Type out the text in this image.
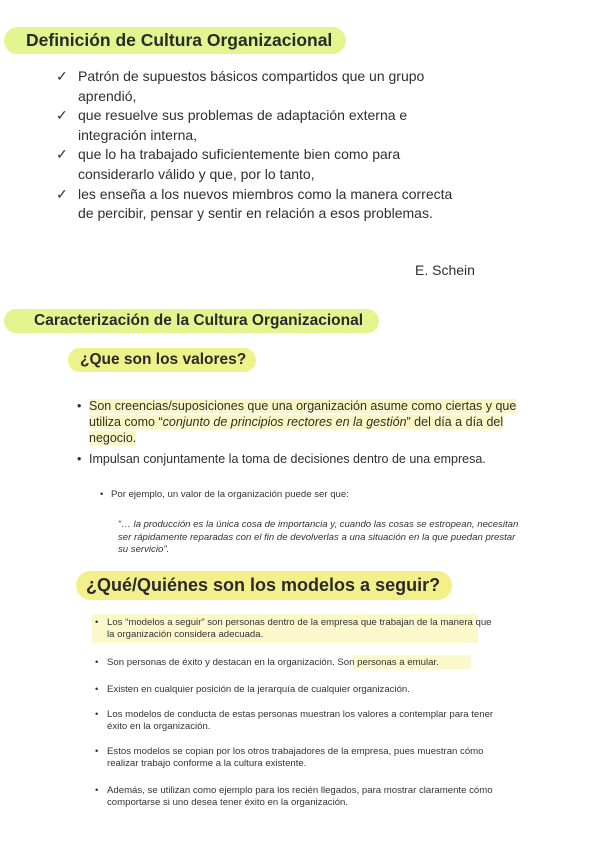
Definición de Cultura Organizacional
✓ Patrón de supuestos básicos compartidos que un grupo aprendió,
✓ que resuelve sus problemas de adaptación externa e integración interna,
✓ que lo ha trabajado suficientemente bien como para considerarlo válido y que, por lo tanto,
✓ les enseña a los nuevos miembros como la manera correcta de percibir, pensar y sentir en relación a esos problemas.
E. Schein
Caracterización de la Cultura Organizacional
¿Que son los valores?
• Son creencias/suposiciones que una organización asume como ciertas y que utiliza como “conjunto de principios rectores en la gestión” del día a día del negocio.
• Impulsan conjuntamente la toma de decisiones dentro de una empresa.
• Por ejemplo, un valor de la organización puede ser que:
“… la producción es la única cosa de importancia y, cuando las cosas se estropean, necesitan ser rápidamente reparadas con el fin de devolverlas a una situación en la que puedan prestar su servicio”.
¿Qué/Quiénes son los modelos a seguir?
• Los “modelos a seguir” son personas dentro de la empresa que trabajan de la manera que la organización considera adecuada.
• Son personas de éxito y destacan en la organización. Son personas a emular.
• Existen en cualquier posición de la jerarquía de cualquier organización.
• Los modelos de conducta de estas personas muestran los valores a contemplar para tener éxito en la organización.
• Estos modelos se copian por los otros trabajadores de la empresa, pues muestran cómo realizar trabajo conforme a la cultura existente.
• Además, se utilizan como ejemplo para los recién llegados, para mostrar claramente cómo comportarse si uno desea tener éxito en la organización.
